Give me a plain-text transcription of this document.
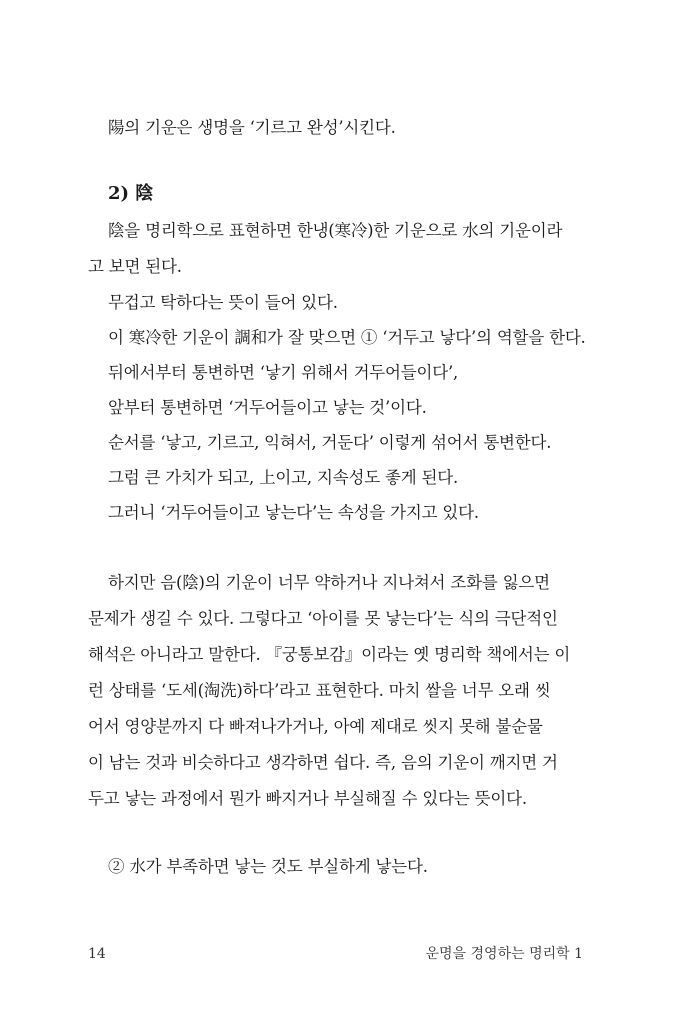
陽의 기운은 생명을 ‘기르고 완성’시킨다.
2) 陰
陰을 명리학으로 표현하면 한냉(寒冷)한 기운으로 水의 기운이라
고 보면 된다.
무겁고 탁하다는 뜻이 들어 있다.
이 寒冷한 기운이 調和가 잘 맞으면 ① ‘거두고 낳다’의 역할을 한다.
뒤에서부터 통변하면 ‘낳기 위해서 거두어들이다’,
앞부터 통변하면 ‘거두어들이고 낳는 것’이다.
순서를 ‘낳고, 기르고, 익혀서, 거둔다’ 이렇게 섞어서 통변한다.
그럼 큰 가치가 되고, 上이고, 지속성도 좋게 된다.
그러니 ‘거두어들이고 낳는다’는 속성을 가지고 있다.
하지만 음(陰)의 기운이 너무 약하거나 지나쳐서 조화를 잃으면
문제가 생길 수 있다. 그렇다고 ‘아이를 못 낳는다’는 식의 극단적인
해석은 아니라고 말한다. 『궁통보감』이라는 옛 명리학 책에서는 이
런 상태를 ‘도세(淘洗)하다’라고 표현한다. 마치 쌀을 너무 오래 씻
어서 영양분까지 다 빠져나가거나, 아예 제대로 씻지 못해 불순물
이 남는 것과 비슷하다고 생각하면 쉽다. 즉, 음의 기운이 깨지면 거
두고 낳는 과정에서 뭔가 빠지거나 부실해질 수 있다는 뜻이다.
② 水가 부족하면 낳는 것도 부실하게 낳는다.
14	운명을 경영하는 명리학 1
